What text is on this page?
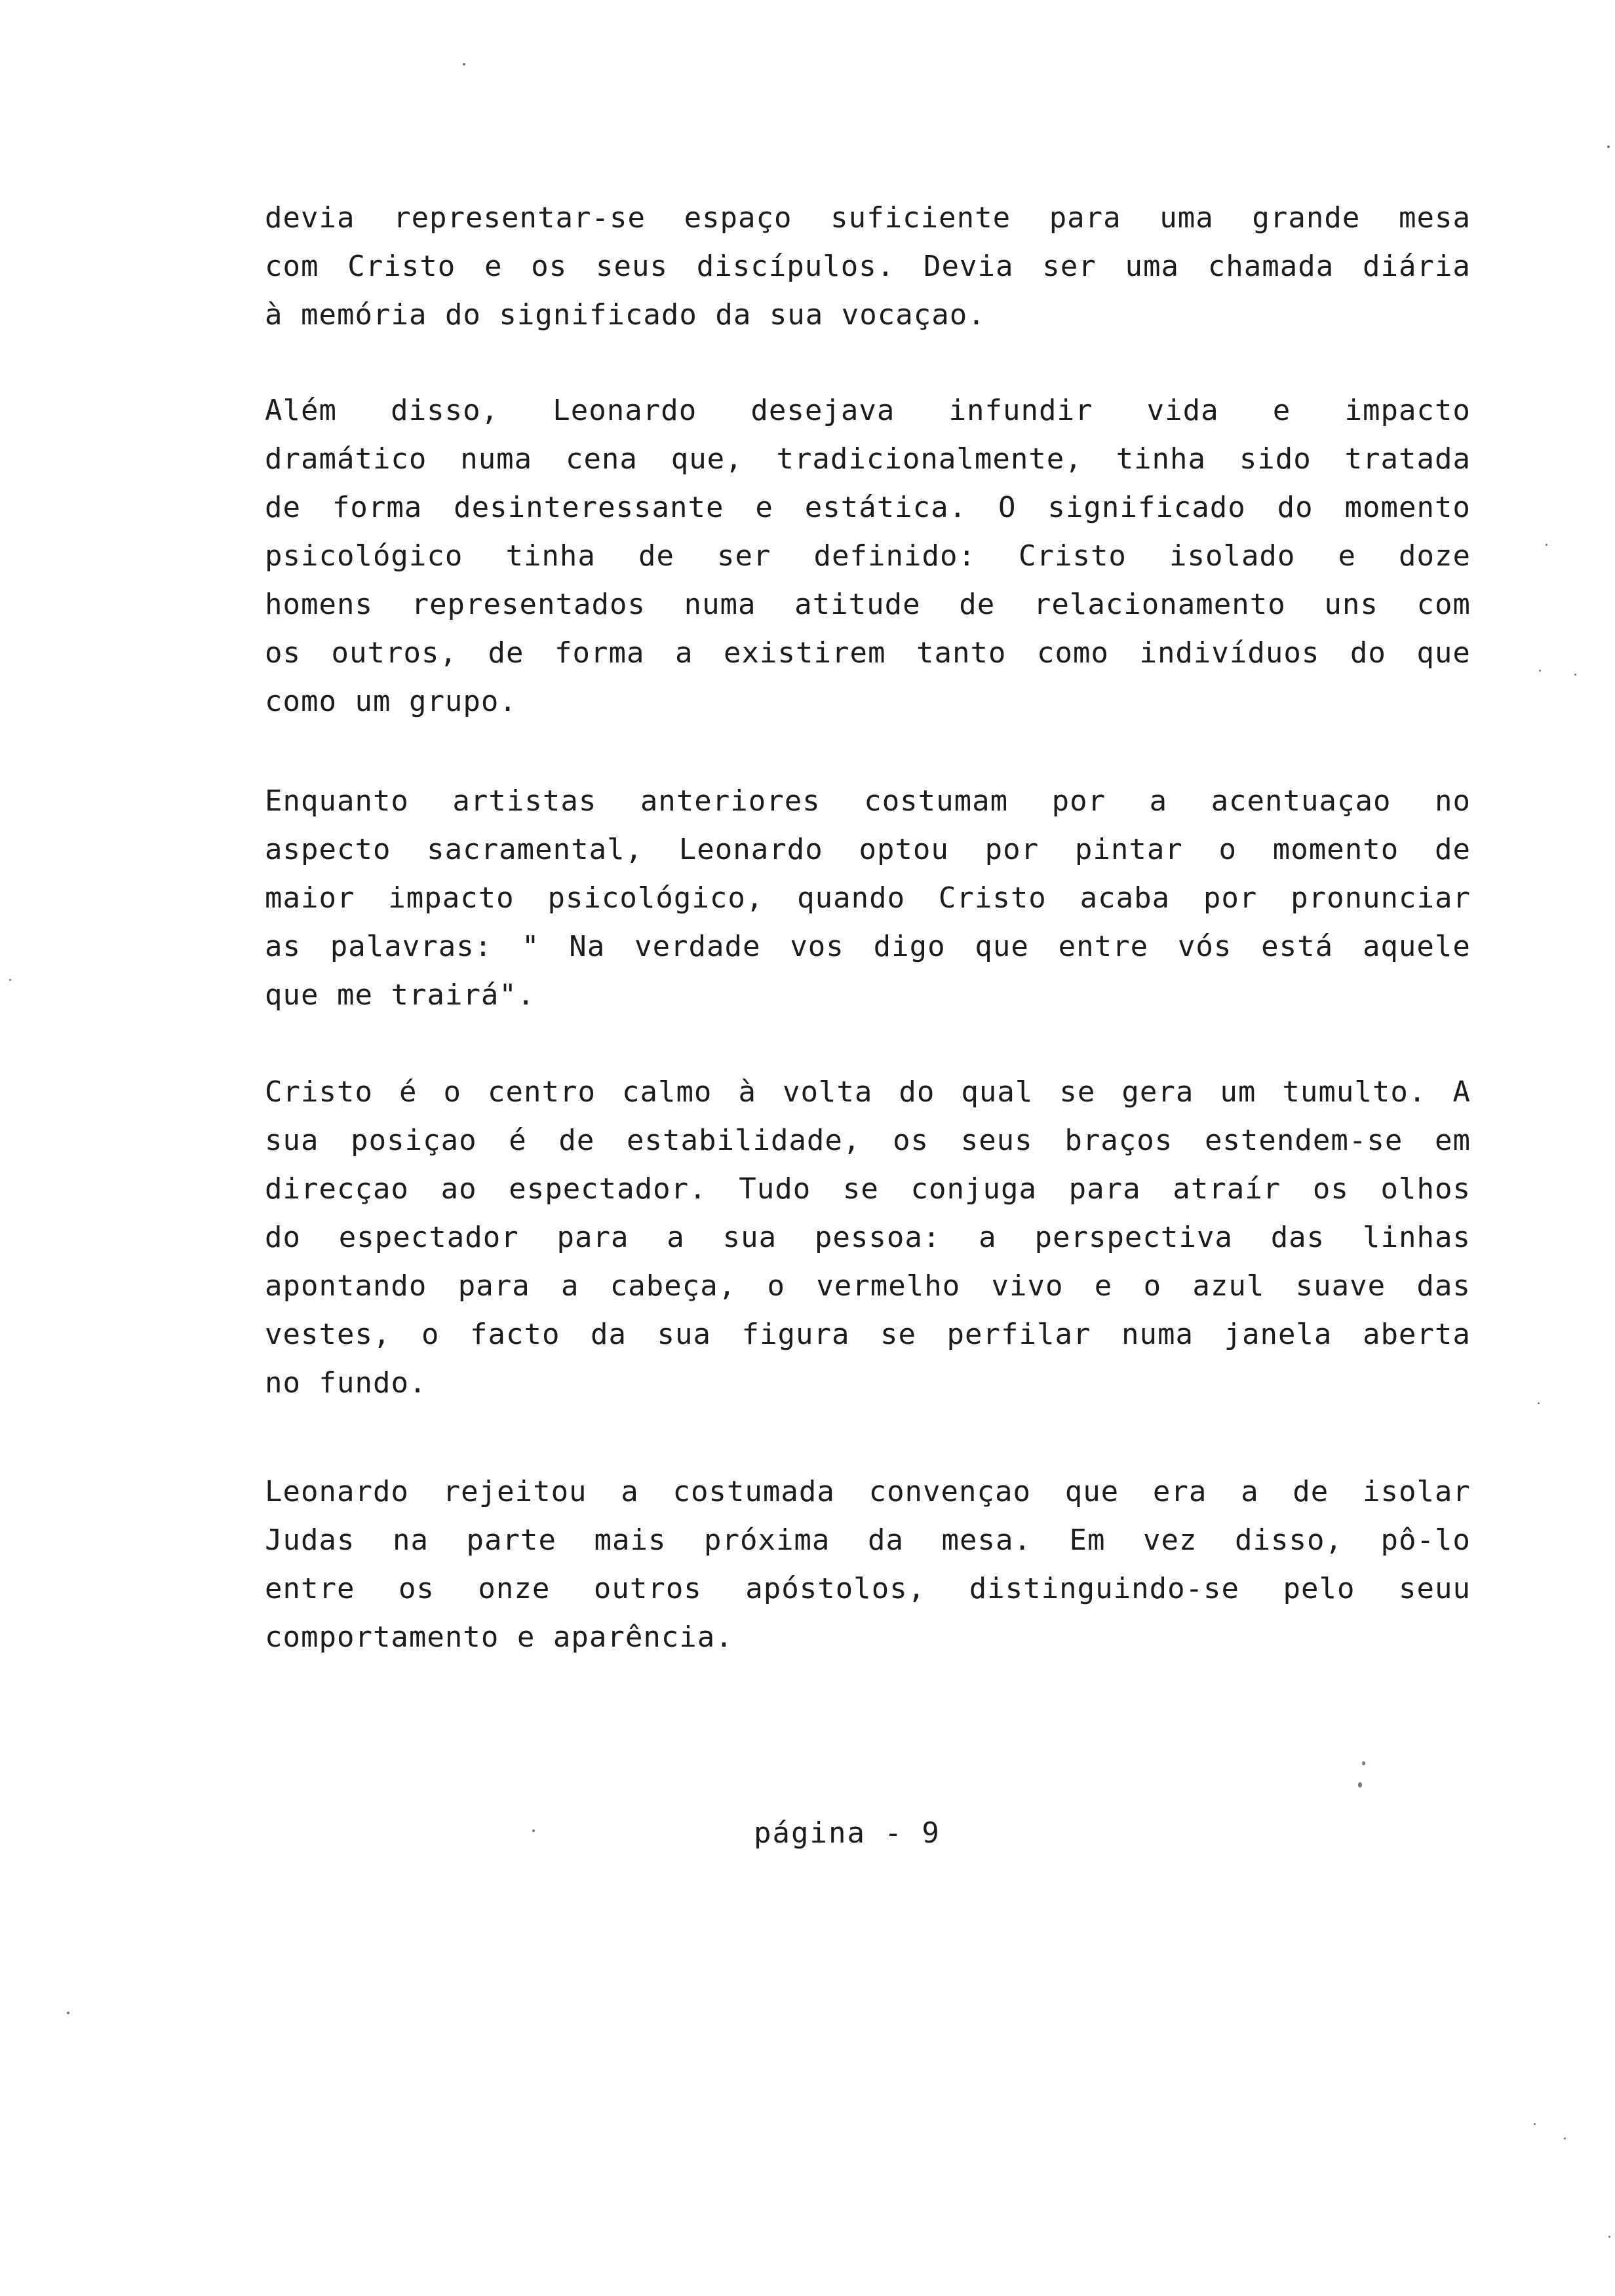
devia representar-se espaço suficiente para uma grande mesa
com Cristo e os seus discípulos. Devia ser uma chamada diária
à
memória
do
significado
da
sua
vocaçao.
Além disso, Leonardo desejava infundir vida e impacto
dramático numa cena que, tradicionalmente, tinha sido tratada
de forma desinteressante e estática. O significado do momento
psicológico tinha de ser definido: Cristo isolado e doze
homens representados numa atitude de relacionamento uns com
os outros, de forma a existirem tanto como indivíduos do que
como
um
grupo.
Enquanto artistas anteriores costumam por a acentuaçao no
aspecto sacramental, Leonardo optou por pintar o momento de
maior impacto psicológico, quando Cristo acaba por pronunciar
as palavras: " Na verdade vos digo que entre vós está aquele
que
me
trairá".
Cristo é o centro calmo à volta do qual se gera um tumulto. A
sua posiçao é de estabilidade, os seus braços estendem-se em
direcçao ao espectador. Tudo se conjuga para atraír os olhos
do espectador para a sua pessoa: a perspectiva das linhas
apontando para a cabeça, o vermelho vivo e o azul suave das
vestes, o facto da sua figura se perfilar numa janela aberta
no
fundo.
Leonardo rejeitou a costumada convençao que era a de isolar
Judas na parte mais próxima da mesa. Em vez disso, pô-lo
entre os onze outros apóstolos, distinguindo-se pelo seuu
comportamento
e
aparência.
página - 9
